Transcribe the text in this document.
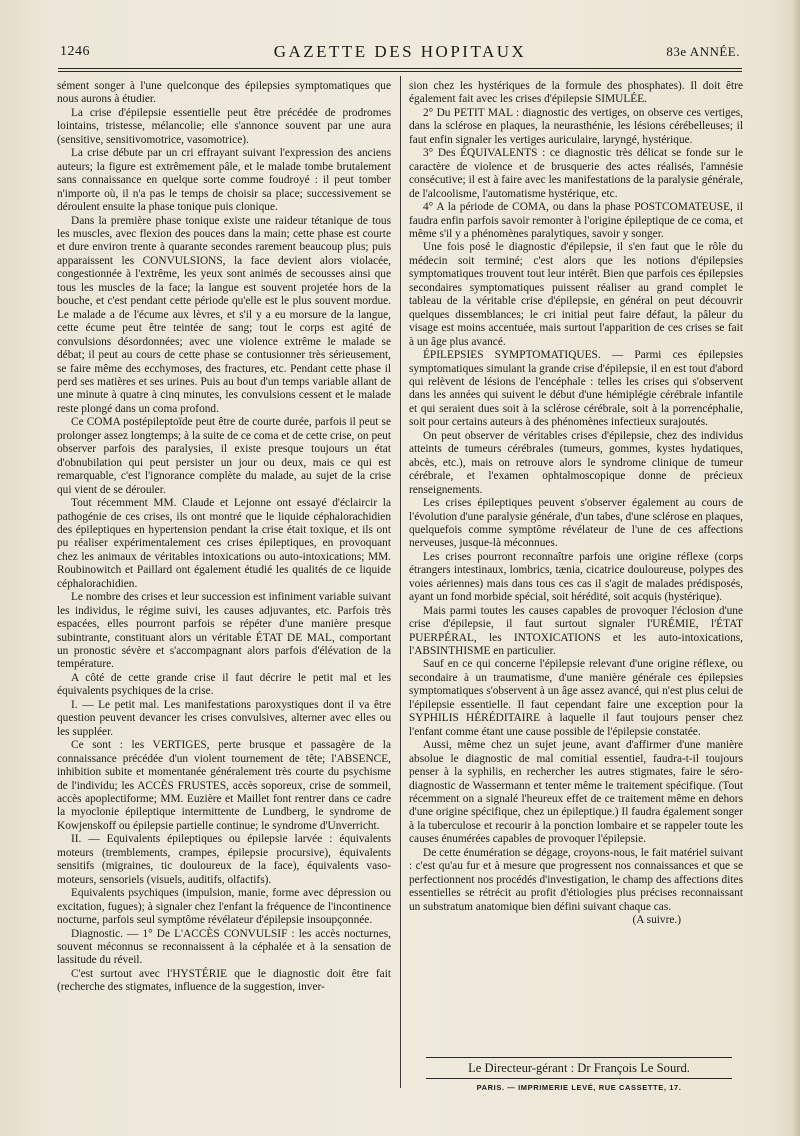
1246	GAZETTE DES HOPITAUX	83e ANNÉE.

sément songer à l'une quelconque des épilepsies symptomatiques que nous aurons à étudier.

La crise d'épilepsie essentielle peut être précédée de prodromes lointains, tristesse, mélancolie; elle s'annonce souvent par une aura (sensitive, sensitivomotrice, vasomotrice).

La crise débute par un cri effrayant suivant l'expression des anciens auteurs; la figure est extrêmement pâle, et le malade tombe brutalement sans connaissance en quelque sorte comme foudroyé : il peut tomber n'importe où, il n'a pas le temps de choisir sa place; successivement se déroulent ensuite la phase tonique puis clonique.

Dans la première phase tonique existe une raideur tétanique de tous les muscles, avec flexion des pouces dans la main; cette phase est courte et dure environ trente à quarante secondes rarement beaucoup plus; puis apparaissent les CONVULSIONS, la face devient alors violacée, congestionnée à l'extrême, les yeux sont animés de secousses ainsi que tous les muscles de la face; la langue est souvent projetée hors de la bouche, et c'est pendant cette période qu'elle est le plus souvent mordue. Le malade a de l'écume aux lèvres, et s'il y a eu morsure de la langue, cette écume peut être teintée de sang; tout le corps est agité de convulsions désordonnées; avec une violence extrême le malade se débat; il peut au cours de cette phase se contusionner très sérieusement, se faire même des ecchymoses, des fractures, etc. Pendant cette phase il perd ses matières et ses urines. Puis au bout d'un temps variable allant de une minute à quatre à cinq minutes, les convulsions cessent et le malade reste plongé dans un coma profond.

Ce COMA postépileptoïde peut être de courte durée, parfois il peut se prolonger assez longtemps; à la suite de ce coma et de cette crise, on peut observer parfois des paralysies, il existe presque toujours un état d'obnubilation qui peut persister un jour ou deux, mais ce qui est remarquable, c'est l'ignorance complète du malade, au sujet de la crise qui vient de se dérouler.

Tout récemment MM. Claude et Lejonne ont essayé d'éclaircir la pathogénie de ces crises, ils ont montré que le liquide céphalorachidien des épileptiques en hypertension pendant la crise était toxique, et ils ont pu réaliser expérimentalement ces crises épileptiques, en provoquant chez les animaux de véritables intoxications ou auto-intoxications; MM. Roubinowitch et Paillard ont également étudié les qualités de ce liquide céphalorachidien.

Le nombre des crises et leur succession est infiniment variable suivant les individus, le régime suivi, les causes adjuvantes, etc. Parfois très espacées, elles pourront parfois se répéter d'une manière presque subintrante, constituant alors un véritable ÉTAT DE MAL, comportant un pronostic sévère et s'accompagnant alors parfois d'élévation de la température.

A côté de cette grande crise il faut décrire le petit mal et les équivalents psychiques de la crise.

I. — Le petit mal. Les manifestations paroxystiques dont il va être question peuvent devancer les crises convulsives, alterner avec elles ou les suppléer.

Ce sont : les VERTIGES, perte brusque et passagère de la connaissance précédée d'un violent tournement de tête; l'ABSENCE, inhibition subite et momentanée généralement très courte du psychisme de l'individu; les ACCÈS FRUSTES, accès soporeux, crise de sommeil, accès apoplectiforme; MM. Euzière et Maillet font rentrer dans ce cadre la myoclonie épileptique intermittente de Lundberg, le syndrome de Kowjenskoff ou épilepsie partielle continue; le syndrome d'Unverricht.

II. — Equivalents épileptiques ou épilepsie larvée : équivalents moteurs (tremblements, crampes, épilepsie procursive), équivalents sensitifs (migraines, tic douloureux de la face), équivalents vaso-moteurs, sensoriels (visuels, auditifs, olfactifs).

Equivalents psychiques (impulsion, manie, forme avec dépression ou excitation, fugues); à signaler chez l'enfant la fréquence de l'incontinence nocturne, parfois seul symptôme révélateur d'épilepsie insoupçonnée.

Diagnostic. — 1° De L'ACCÈS CONVULSIF : les accès nocturnes, souvent méconnus se reconnaissent à la céphalée et à la sensation de lassitude du réveil.

C'est surtout avec l'HYSTÉRIE que le diagnostic doit être fait (recherche des stigmates, influence de la suggestion, inver-

sion chez les hystériques de la formule des phosphates). Il doit être également fait avec les crises d'épilepsie SIMULÉE.

2° Du PETIT MAL : diagnostic des vertiges, on observe ces vertiges, dans la sclérose en plaques, la neurasthénie, les lésions cérébelleuses; il faut enfin signaler les vertiges auriculaire, laryngé, hystérique.

3° Des ÉQUIVALENTS : ce diagnostic très délicat se fonde sur le caractère de violence et de brusquerie des actes réalisés, l'amnésie consécutive; il est à faire avec les manifestations de la paralysie générale, de l'alcoolisme, l'automatisme hystérique, etc.

4° A la période de COMA, ou dans la phase POSTCOMATEUSE, il faudra enfin parfois savoir remonter à l'origine épileptique de ce coma, et même s'il y a phénomènes paralytiques, savoir y songer.

Une fois posé le diagnostic d'épilepsie, il s'en faut que le rôle du médecin soit terminé; c'est alors que les notions d'épilepsies symptomatiques trouvent tout leur intérêt. Bien que parfois ces épilepsies secondaires symptomatiques puissent réaliser au grand complet le tableau de la véritable crise d'épilepsie, en général on peut découvrir quelques dissemblances; le cri initial peut faire défaut, la pâleur du visage est moins accentuée, mais surtout l'apparition de ces crises se fait à un âge plus avancé.

ÉPILEPSIES SYMPTOMATIQUES. — Parmi ces épilepsies symptomatiques simulant la grande crise d'épilepsie, il en est tout d'abord qui relèvent de lésions de l'encéphale : telles les crises qui s'observent dans les années qui suivent le début d'une hémiplégie cérébrale infantile et qui seraient dues soit à la sclérose cérébrale, soit à la porrencéphalie, soit pour certains auteurs à des phénomènes infectieux surajoutés.

On peut observer de véritables crises d'épilepsie, chez des individus atteints de tumeurs cérébrales (tumeurs, gommes, kystes hydatiques, abcès, etc.), mais on retrouve alors le syndrome clinique de tumeur cérébrale, et l'examen ophtalmoscopique donne de précieux renseignements.

Les crises épileptiques peuvent s'observer également au cours de l'évolution d'une paralysie générale, d'un tabes, d'une sclérose en plaques, quelquefois comme symptôme révélateur de l'une de ces affections nerveuses, jusque-là méconnues.

Les crises pourront reconnaître parfois une origine réflexe (corps étrangers intestinaux, lombrics, tænia, cicatrice douloureuse, polypes des voies aériennes) mais dans tous ces cas il s'agit de malades prédisposés, ayant un fond morbide spécial, soit hérédité, soit acquis (hystérique).

Mais parmi toutes les causes capables de provoquer l'éclosion d'une crise d'épilepsie, il faut surtout signaler l'URÉMIE, l'ÉTAT PUERPÉRAL, les INTOXICATIONS et les auto-intoxications, l'ABSINTHISME en particulier.

Sauf en ce qui concerne l'épilepsie relevant d'une origine réflexe, ou secondaire à un traumatisme, d'une manière générale ces épilepsies symptomatiques s'observent à un âge assez avancé, qui n'est plus celui de l'épilepsie essentielle. Il faut cependant faire une exception pour la SYPHILIS HÉRÉDITAIRE à laquelle il faut toujours penser chez l'enfant comme étant une cause possible de l'épilepsie constatée.

Aussi, même chez un sujet jeune, avant d'affirmer d'une manière absolue le diagnostic de mal comitial essentiel, faudra-t-il toujours penser à la syphilis, en rechercher les autres stigmates, faire le séro-diagnostic de Wassermann et tenter même le traitement spécifique. (Tout récemment on a signalé l'heureux effet de ce traitement même en dehors d'une origine spécifique, chez un épileptique.) Il faudra également songer à la tuberculose et recourir à la ponction lombaire et se rappeler toute les causes énumérées capables de provoquer l'épilepsie.

De cette énumération se dégage, croyons-nous, le fait matériel suivant : c'est qu'au fur et à mesure que progressent nos connaissances et que se perfectionnent nos procédés d'investigation, le champ des affections dites essentielles se rétrécit au profit d'étiologies plus précises reconnaissant un substratum anatomique bien défini suivant chaque cas.

(A suivre.)

Le Directeur-gérant : Dr François Le Sourd.
PARIS. — IMPRIMERIE LEVÉ, RUE CASSETTE, 17.
